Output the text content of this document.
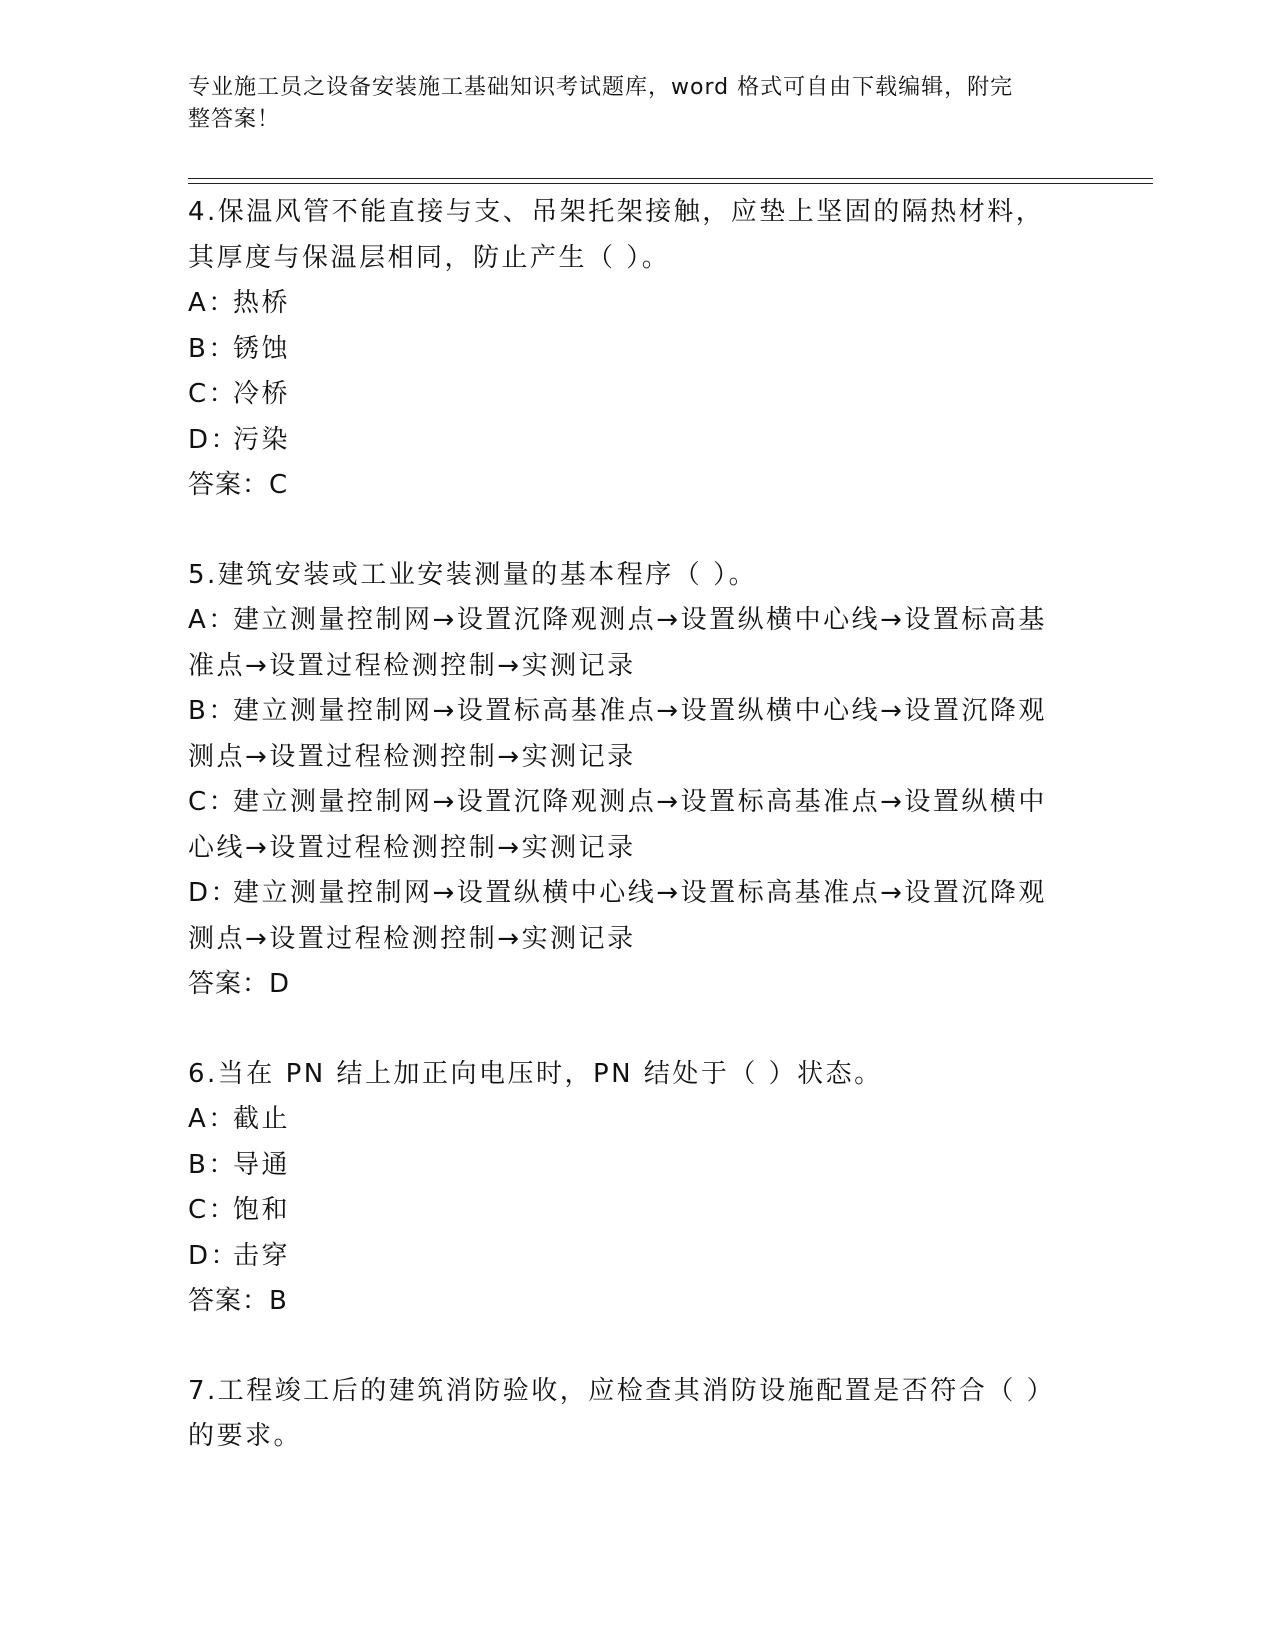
专业施工员之设备安装施工基础知识考试题库，word 格式可自由下载编辑，附完
整答案！
4.保温风管不能直接与支、吊架托架接触，应垫上坚固的隔热材料，
其厚度与保温层相同，防止产生（ ）。
A：热桥
B：锈蚀
C：冷桥
D：污染
答案：C
5.建筑安装或工业安装测量的基本程序（ ）。
A：建立测量控制网→设置沉降观测点→设置纵横中心线→设置标高基
准点→设置过程检测控制→实测记录
B：建立测量控制网→设置标高基准点→设置纵横中心线→设置沉降观
测点→设置过程检测控制→实测记录
C：建立测量控制网→设置沉降观测点→设置标高基准点→设置纵横中
心线→设置过程检测控制→实测记录
D：建立测量控制网→设置纵横中心线→设置标高基准点→设置沉降观
测点→设置过程检测控制→实测记录
答案：D
6.当在 PN 结上加正向电压时，PN 结处于（ ）状态。
A：截止
B：导通
C：饱和
D：击穿
答案：B
7.工程竣工后的建筑消防验收，应检查其消防设施配置是否符合（ ）
的要求。
